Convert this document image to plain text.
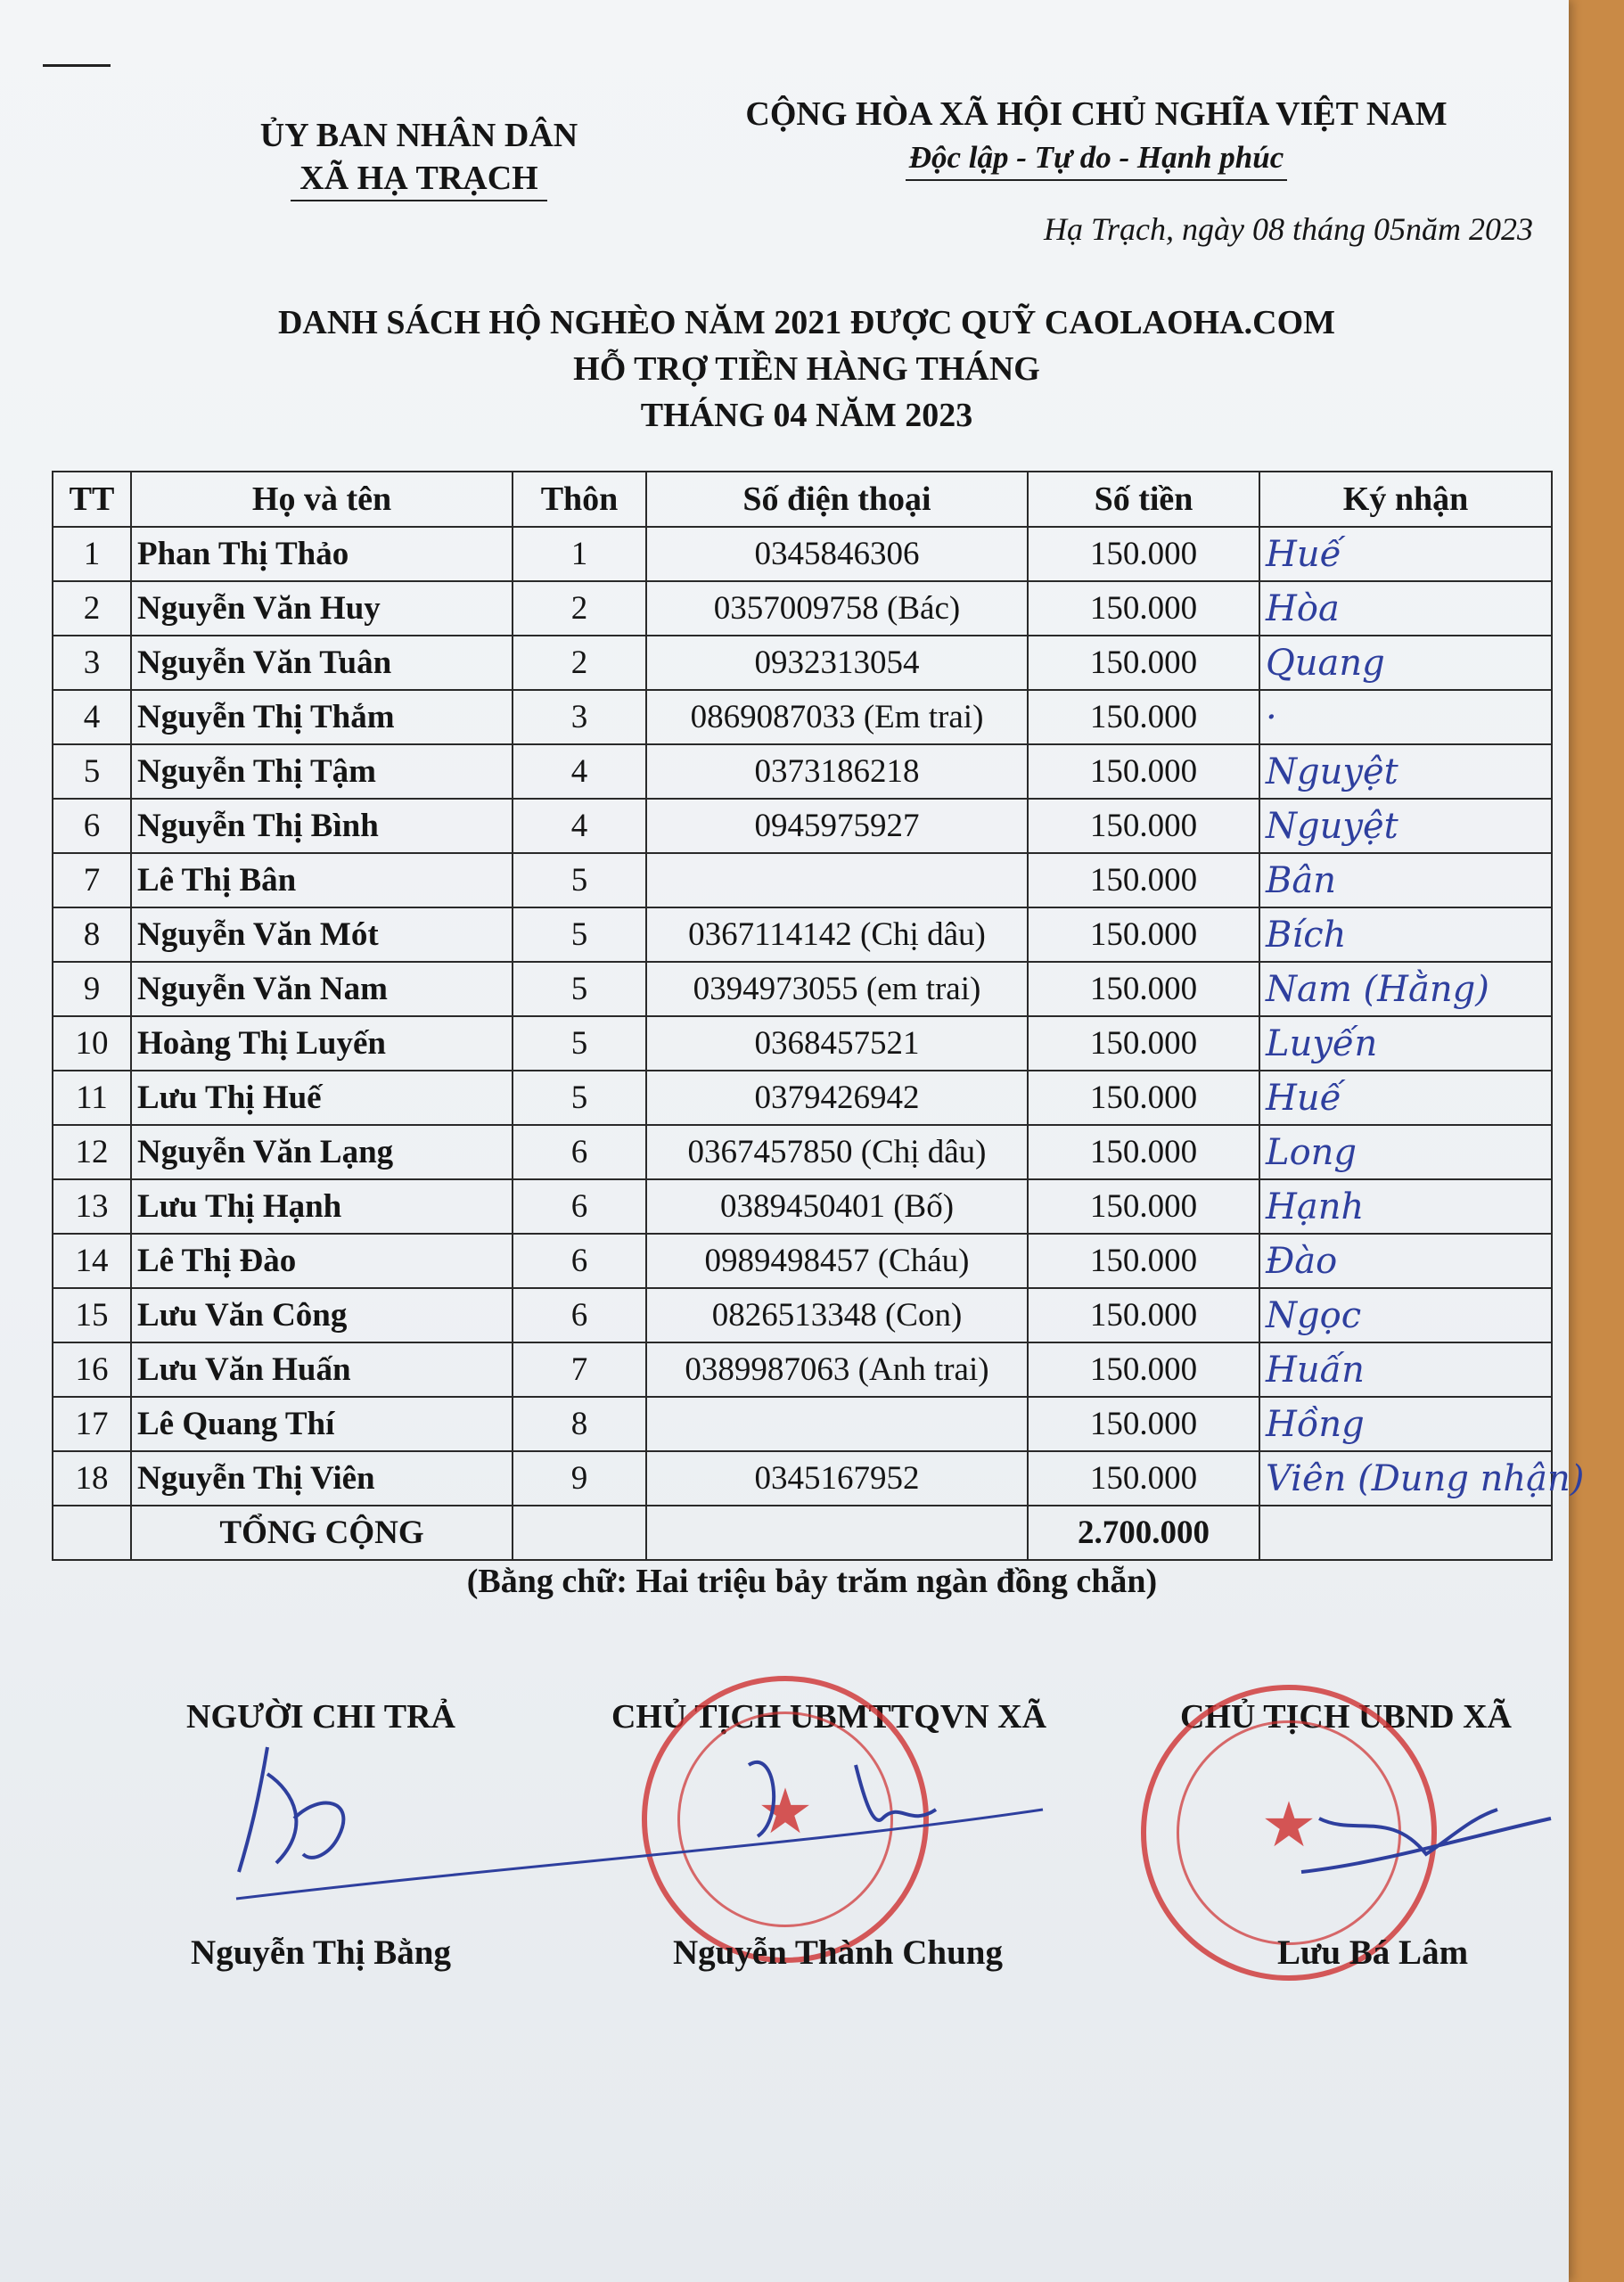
ỦY BAN NHÂN DÂN
XÃ HẠ TRẠCH
CỘNG HÒA XÃ HỘI CHỦ NGHĨA VIỆT NAM
Độc lập - Tự do - Hạnh phúc
Hạ Trạch, ngày 08 tháng 05năm 2023
DANH SÁCH HỘ NGHÈO NĂM 2021 ĐƯỢC QUỸ CAOLAOHA.COM
HỖ TRỢ TIỀN HÀNG THÁNG
THÁNG 04 NĂM 2023
TT	Họ và tên	Thôn	Số điện thoại	Số tiền	Ký nhận
1	Phan Thị Thảo	1	0345846306	150.000	Huế
2	Nguyễn Văn Huy	2	0357009758 (Bác)	150.000	Hòa
3	Nguyễn Văn Tuân	2	0932313054	150.000	Quang
4	Nguyễn Thị Thắm	3	0869087033 (Em trai)	150.000	·
5	Nguyễn Thị Tậm	4	0373186218	150.000	Nguyệt
6	Nguyễn Thị Bình	4	0945975927	150.000	Nguyệt
7	Lê Thị Bân	5		150.000	Bân
8	Nguyễn Văn Mót	5	0367114142 (Chị dâu)	150.000	Bích
9	Nguyễn Văn Nam	5	0394973055 (em trai)	150.000	Nam (Hằng)
10	Hoàng Thị Luyến	5	0368457521	150.000	Luyến
11	Lưu Thị Huế	5	0379426942	150.000	Huế
12	Nguyễn Văn Lạng	6	0367457850 (Chị dâu)	150.000	Long
13	Lưu Thị Hạnh	6	0389450401 (Bố)	150.000	Hạnh
14	Lê Thị Đào	6	0989498457 (Cháu)	150.000	Đào
15	Lưu Văn Công	6	0826513348 (Con)	150.000	Ngọc
16	Lưu Văn Huấn	7	0389987063 (Anh trai)	150.000	Huấn
17	Lê Quang Thí	8		150.000	Hồng
18	Nguyễn Thị Viên	9	0345167952	150.000	Viên (Dung nhận)
	TỔNG CỘNG			2.700.000	
(Bằng chữ: Hai triệu bảy trăm ngàn đồng chẵn)
NGƯỜI CHI TRẢ	CHỦ TỊCH UBMTTQVN XÃ	CHỦ TỊCH UBND XÃ
★	★
Nguyễn Thị Bằng	Nguyễn Thành Chung	Lưu Bá Lâm
